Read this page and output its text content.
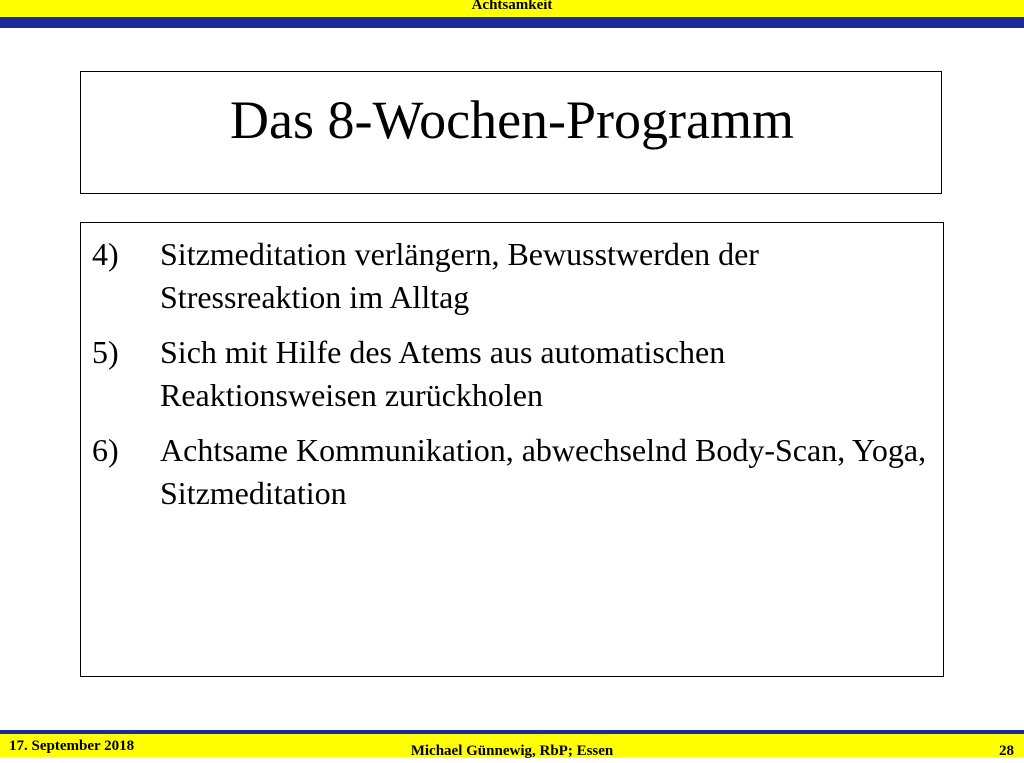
Achtsamkeit
Das 8-Wochen-Programm
4) Sitzmeditation verlängern, Bewusstwerden der Stressreaktion im Alltag
5) Sich mit Hilfe des Atems aus automatischen Reaktionsweisen zurückholen
6) Achtsame Kommunikation, abwechselnd Body-Scan, Yoga, Sitzmeditation
17. September 2018	Michael Günnewig, RbP; Essen	28
